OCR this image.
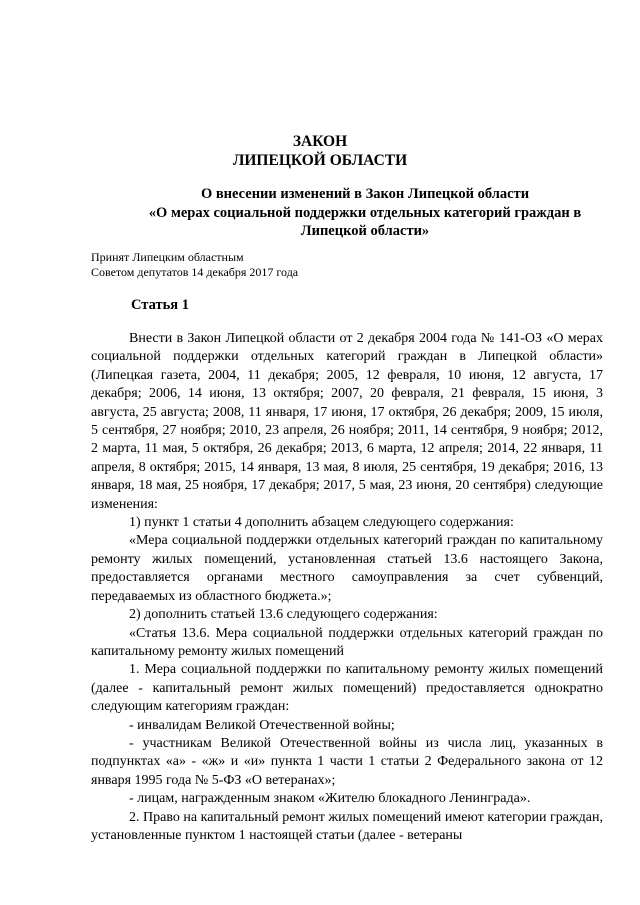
ЗАКОН
ЛИПЕЦКОЙ ОБЛАСТИ
О внесении изменений в Закон Липецкой области
«О мерах социальной поддержки отдельных категорий граждан в
Липецкой области»
Принят Липецким областным
Советом депутатов 14 декабря 2017 года
Статья 1

Внести в Закон Липецкой области от 2 декабря 2004 года № 141-ОЗ «О мерах социальной поддержки отдельных категорий граждан в Липецкой области» (Липецкая газета, 2004, 11 декабря; 2005, 12 февраля, 10 июня, 12 августа, 17 декабря; 2006, 14 июня, 13 октября; 2007, 20 февраля, 21 февраля, 15 июня, 3 августа, 25 августа; 2008, 11 января, 17 июня, 17 октября, 26 декабря; 2009, 15 июля, 5 сентября, 27 ноября; 2010, 23 апреля, 26 ноября; 2011, 14 сентября, 9 ноября; 2012, 2 марта, 11 мая, 5 октября, 26 декабря; 2013, 6 марта, 12 апреля; 2014, 22 января, 11 апреля, 8 октября; 2015, 14 января, 13 мая, 8 июля, 25 сентября, 19 декабря; 2016, 13 января, 18 мая, 25 ноября, 17 декабря; 2017, 5 мая, 23 июня, 20 сентября) следующие изменения:

1) пункт 1 статьи 4 дополнить абзацем следующего содержания:

«Мера социальной поддержки отдельных категорий граждан по капитальному ремонту жилых помещений, установленная статьей 13.6 настоящего Закона, предоставляется органами местного самоуправления за счет субвенций, передаваемых из областного бюджета.»;

2) дополнить статьей 13.6 следующего содержания:

«Статья 13.6. Мера социальной поддержки отдельных категорий граждан по капитальному ремонту жилых помещений

1. Мера социальной поддержки по капитальному ремонту жилых помещений (далее - капитальный ремонт жилых помещений) предоставляется однократно следующим категориям граждан:

- инвалидам Великой Отечественной войны;

- участникам Великой Отечественной войны из числа лиц, указанных в подпунктах «а» - «ж» и «и» пункта 1 части 1 статьи 2 Федерального закона от 12 января 1995 года № 5-ФЗ «О ветеранах»;

- лицам, награжденным знаком «Жителю блокадного Ленинграда».

2. Право на капитальный ремонт жилых помещений имеют категории граждан, установленные пунктом 1 настоящей статьи (далее - ветераны
